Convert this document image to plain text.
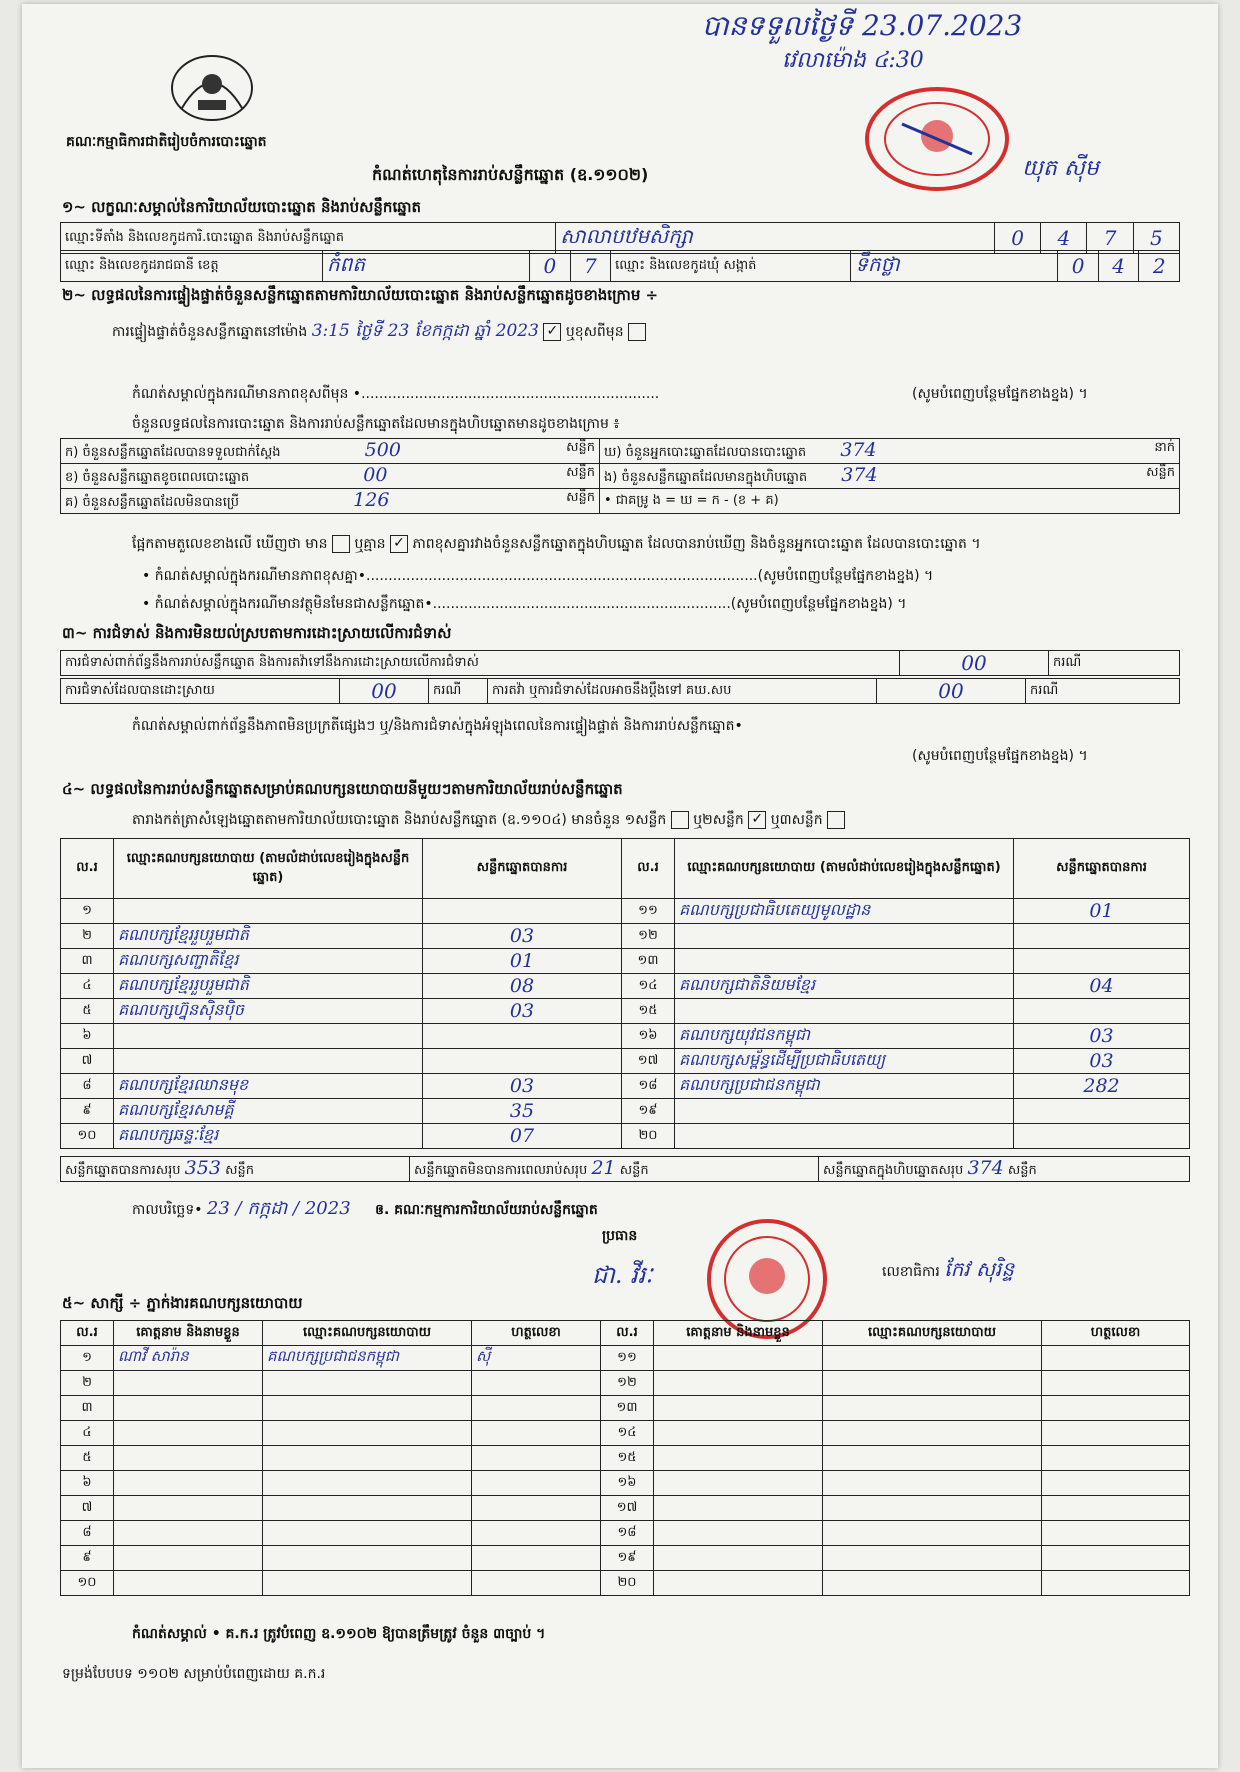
បានទទួលថ្ងៃទី 23.07.2023
វេលាម៉ោង ៤:30
យុត ស៊ីម
គណៈកម្មាធិការជាតិរៀបចំការបោះឆ្នោត
កំណត់ហេតុនៃការរាប់សន្លឹកឆ្នោត (ឧ.១១០២)
១~ លក្ខណៈសម្គាល់នៃការិយាល័យបោះឆ្នោត និងរាប់សន្លឹកឆ្នោត
ឈ្មោះទីតាំង និងលេខកូដការិ.បោះឆ្នោត និងរាប់សន្លឹកឆ្នោត	សាលាបឋមសិក្សា	0	4	7	5
ឈ្មោះ និងលេខកូដរាជធានី ខេត្ត	កំពត	0	7	ឈ្មោះ និងលេខកូដឃុំ សង្កាត់	ទឹកថ្លា	0	4	2
២~ លទ្ធផលនៃការផ្ទៀងផ្ទាត់ចំនួនសន្លឹកឆ្នោតតាមការិយាល័យបោះឆ្នោត និងរាប់សន្លឹកឆ្នោតដូចខាងក្រោម ÷
ការផ្ទៀងផ្ទាត់ចំនួនសន្លឹកឆ្នោតនៅម៉ោង 3:15 ថ្ងៃទី 23 ខែកក្កដា ឆ្នាំ 2023 ✓ ឬខុសពីមុន
កំណត់សម្គាល់ក្នុងករណីមានភាពខុសពីមុន •...................................................................	(សូមបំពេញបន្ថែមផ្នែកខាងខ្នង) ។
ចំនួនលទ្ធផលនៃការបោះឆ្នោត និងការរាប់សន្លឹកឆ្នោតដែលមានក្នុងហិបឆ្នោតមានដូចខាងក្រោម ៖
ក) ចំនួនសន្លឹកឆ្នោតដែលបានទទួលជាក់ស្តែង 500 សន្លឹក	ឃ) ចំនួនអ្នកបោះឆ្នោតដែលបានបោះឆ្នោត 374 នាក់

ខ) ចំនួនសន្លឹកឆ្នោតខូចពេលបោះឆ្នោត 00 សន្លឹក	ង) ចំនួនសន្លឹកឆ្នោតដែលមានក្នុងហិបឆ្នោត 374 សន្លឹក

គ) ចំនួនសន្លឹកឆ្នោតដែលមិនបានប្រើ 126 សន្លឹក	• ជាគម្រូ ង = ឃ = ក - (ខ + គ)
ផ្អែកតាមតួលេខខាងលើ ឃើញថា មាន ឬគ្មាន ✓ ភាពខុសគ្នារវាងចំនួនសន្លឹកឆ្នោតក្នុងហិបឆ្នោត ដែលបានរាប់ឃើញ និងចំនួនអ្នកបោះឆ្នោត ដែលបានបោះឆ្នោត ។
• កំណត់សម្គាល់ក្នុងករណីមានភាពខុសគ្នា•........................................................................................(សូមបំពេញបន្ថែមផ្នែកខាងខ្នង) ។
• កំណត់សម្គាល់ក្នុងករណីមានវត្ថុមិនមែនជាសន្លឹកឆ្នោត•...................................................................(សូមបំពេញបន្ថែមផ្នែកខាងខ្នង) ។
៣~ ការជំទាស់ និងការមិនយល់ស្របតាមការដោះស្រាយលើការជំទាស់
ការជំទាស់ពាក់ព័ន្ធនឹងការរាប់សន្លឹកឆ្នោត និងការតវ៉ាទៅនឹងការដោះស្រាយលើការជំទាស់	00	ករណី
ការជំទាស់ដែលបានដោះស្រាយ	00	ករណី	ការតវ៉ា ឬការជំទាស់ដែលអាចនឹងប្តឹងទៅ គឃ.សប	00	ករណី
កំណត់សម្គាល់ពាក់ព័ន្ធនឹងភាពមិនប្រក្រតីផ្សេងៗ ឬ/និងការជំទាស់ក្នុងអំឡុងពេលនៃការផ្ទៀងផ្ទាត់ និងការរាប់សន្លឹកឆ្នោត•
(សូមបំពេញបន្ថែមផ្នែកខាងខ្នង) ។
៤~ លទ្ធផលនៃការរាប់សន្លឹកឆ្នោតសម្រាប់គណបក្សនយោបាយនីមួយៗតាមការិយាល័យរាប់សន្លឹកឆ្នោត
តារាងកត់ត្រាសំឡេងឆ្នោតតាមការិយាល័យបោះឆ្នោត និងរាប់សន្លឹកឆ្នោត (ឧ.១១០៤) មានចំនួន ១សន្លឹក ឬ២សន្លឹក ✓ ឬ៣សន្លឹក
ល.រ	ឈ្មោះគណបក្សនយោបាយ (តាមលំដាប់លេខរៀងក្នុងសន្លឹកឆ្នោត)	សន្លឹកឆ្នោតបានការ	ល.រ	ឈ្មោះគណបក្សនយោបាយ (តាមលំដាប់លេខរៀងក្នុងសន្លឹកឆ្នោត)	សន្លឹកឆ្នោតបានការ
១			១១	គណបក្សប្រជាធិបតេយ្យមូលដ្ឋាន	01
២	គណបក្សខ្មែររួបរួមជាតិ	03	១២		
៣	គណបក្សសញ្ជាតិខ្មែរ	01	១៣		
៤	គណបក្សខ្មែររួបរួមជាតិ	08	១៤	គណបក្សជាតិនិយមខ្មែរ	04
៥	គណបក្សហ្វ៊ុនស៊ិនប៉ិច	03	១៥		
៦			១៦	គណបក្សយុវជនកម្ពុជា	03
៧			១៧	គណបក្សសម្ព័ន្ធដើម្បីប្រជាធិបតេយ្យ	03
៨	គណបក្សខ្មែរឈានមុខ	03	១៨	គណបក្សប្រជាជនកម្ពុជា	282
៩	គណបក្សខ្មែរសាមគ្គី	35	១៩		
១០	គណបក្សឆន្ទៈខ្មែរ	07	២០		
សន្លឹកឆ្នោតបានការសរុប 353 សន្លឹក	សន្លឹកឆ្នោតមិនបានការពេលរាប់សរុប 21 សន្លឹក	សន្លឹកឆ្នោតក្នុងហិបឆ្នោតសរុប 374 សន្លឹក
កាលបរិច្ឆេទ• 23 / កក្កដា / 2023 ឲ. គណៈកម្មការការិយាល័យរាប់សន្លឹកឆ្នោត
ប្រធាន
ជា. វីរៈ	លេខាធិការ កែវ សុរិន្ទ
៥~ សាក្សី ÷ ភ្នាក់ងារគណបក្សនយោបាយ
ល.រ	គោត្តនាម និងនាមខ្លួន	ឈ្មោះគណបក្សនយោបាយ	ហត្ថលេខា	ល.រ	គោត្តនាម និងនាមខ្លួន	ឈ្មោះគណបក្សនយោបាយ	ហត្ថលេខា
១	ណាវី សារ៉ាន	គណបក្សប្រជាជនកម្ពុជា	ស៊ី	១១			
២				១២			
៣				១៣			
៤				១៤			
៥				១៥			
៦				១៦			
៧				១៧			
៨				១៨			
៩				១៩			
១០				២០			
កំណត់សម្គាល់ • គ.ក.រ ត្រូវបំពេញ ឧ.១១០២ ឱ្យបានត្រឹមត្រូវ ចំនួន ៣ច្បាប់ ។
ទម្រង់បែបបទ ១១០២ សម្រាប់បំពេញដោយ គ.ក.រ
